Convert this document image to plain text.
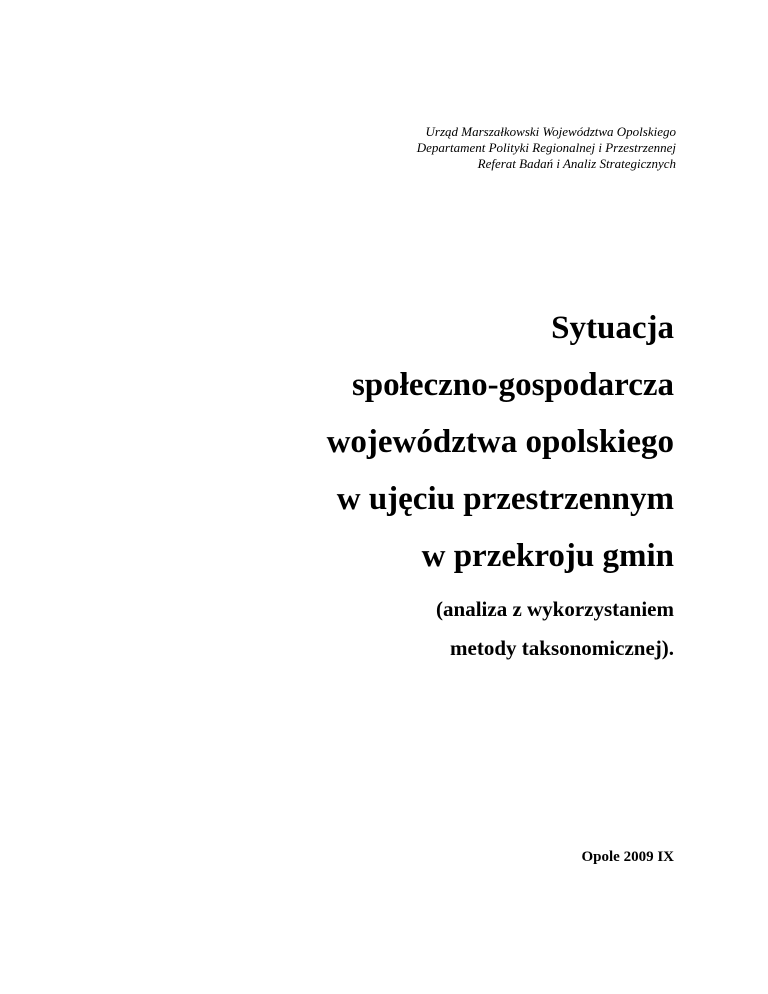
Urząd Marszałkowski Województwa Opolskiego
Departament Polityki Regionalnej i Przestrzennej
Referat Badań i Analiz Strategicznych
Sytuacja
społeczno-gospodarcza
województwa opolskiego
w ujęciu przestrzennym
w przekroju gmin
(analiza z wykorzystaniem
metody taksonomicznej).
Opole 2009 IX
